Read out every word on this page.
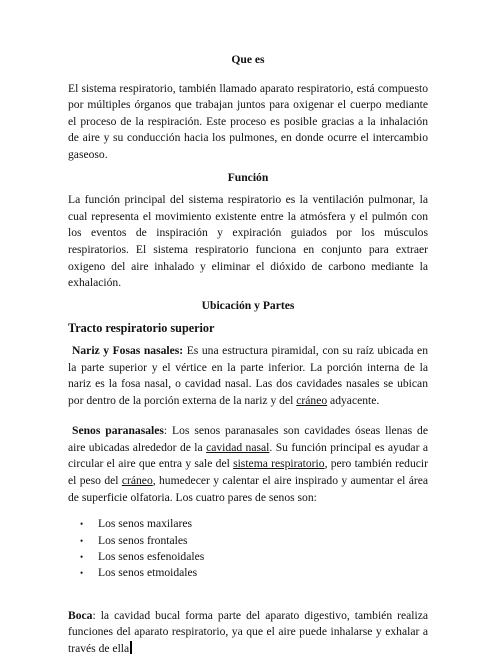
Que es

El sistema respiratorio, también llamado aparato respiratorio, está compuesto por múltiples órganos que trabajan juntos para oxigenar el cuerpo mediante el proceso de la respiración. Este proceso es posible gracias a la inhalación de aire y su conducción hacia los pulmones, en donde ocurre el intercambio gaseoso.

Función

La función principal del sistema respiratorio es la ventilación pulmonar, la cual representa el movimiento existente entre la atmósfera y el pulmón con los eventos de inspiración y expiración guiados por los músculos respiratorios. El sistema respiratorio funciona en conjunto para extraer oxigeno del aire inhalado y eliminar el dióxido de carbono mediante la exhalación.

Ubicación y Partes
Tracto respiratorio superior

Nariz y Fosas nasales: Es una estructura piramidal, con su raíz ubicada en la parte superior y el vértice en la parte inferior. La porción interna de la nariz es la fosa nasal, o cavidad nasal. Las dos cavidades nasales se ubican por dentro de la porción externa de la nariz y del cráneo adyacente.

Senos paranasales: Los senos paranasales son cavidades óseas llenas de aire ubicadas alrededor de la cavidad nasal. Su función principal es ayudar a circular el aire que entra y sale del sistema respiratorio, pero también reducir el peso del cráneo, humedecer y calentar el aire inspirado y aumentar el área de superficie olfatoria. Los cuatro pares de senos son:

• Los senos maxilares
• Los senos frontales
• Los senos esfenoidales
• Los senos etmoidales

Boca: la cavidad bucal forma parte del aparato digestivo, también realiza funciones del aparato respiratorio, ya que el aire puede inhalarse y exhalar a través de ella
